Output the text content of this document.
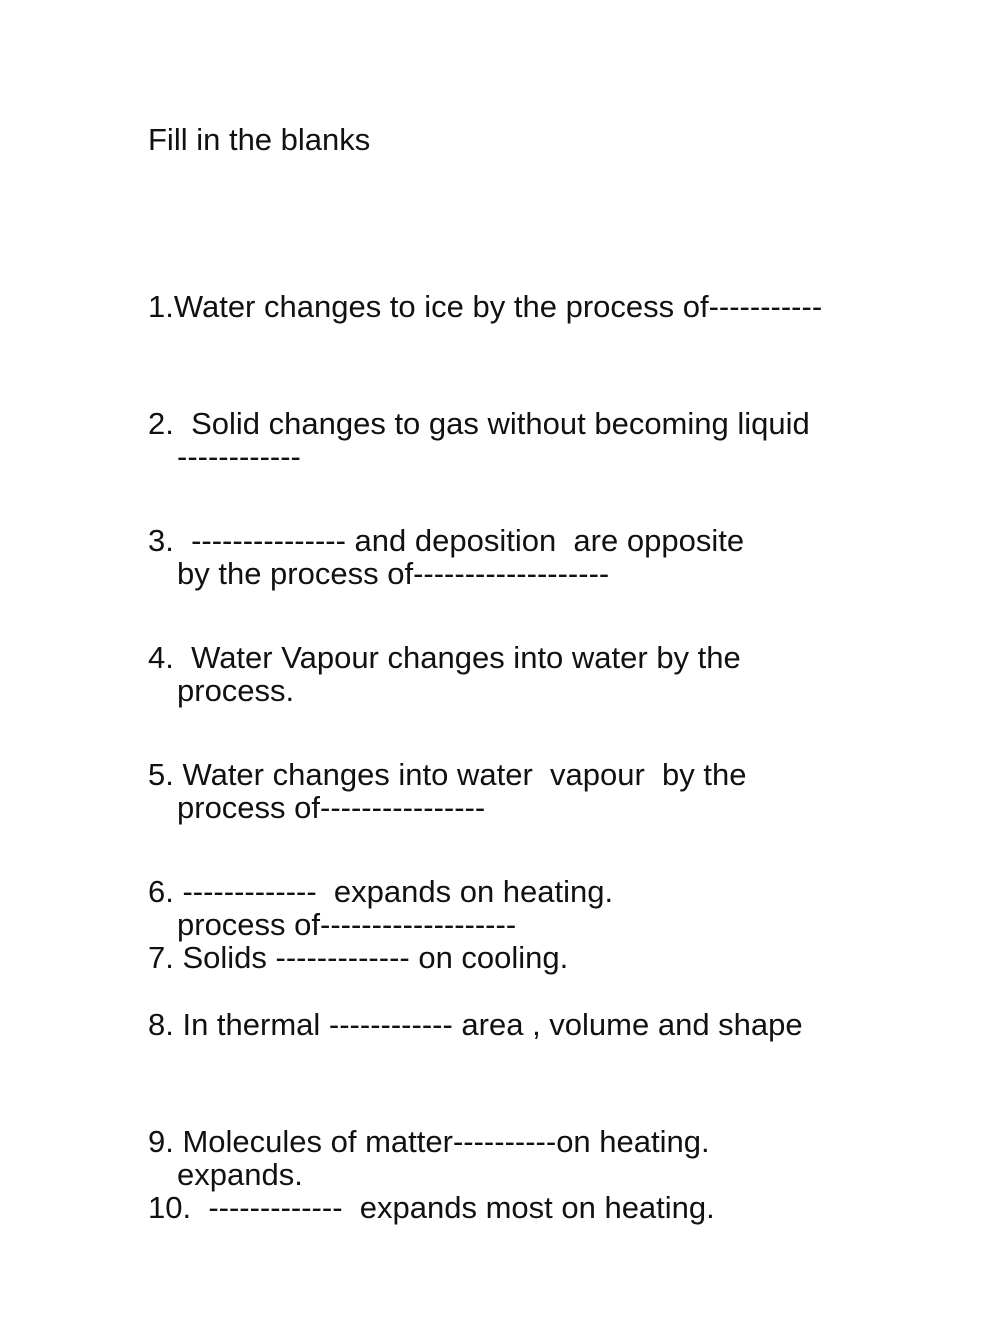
Fill in the blanks

1.Water changes to ice by the process of-----------

------------

2.  Solid changes to gas without becoming liquid

by the process of-------------------

3.  --------------- and deposition  are opposite

process.

4.  Water Vapour changes into water by the

process of----------------

5. Water changes into water  vapour  by the

process of-------------------

6. -------------  expands on heating.

7. Solids ------------- on cooling.

8. In thermal ------------ area , volume and shape

expands.

9. Molecules of matter----------on heating.

10.  -------------  expands most on heating.
